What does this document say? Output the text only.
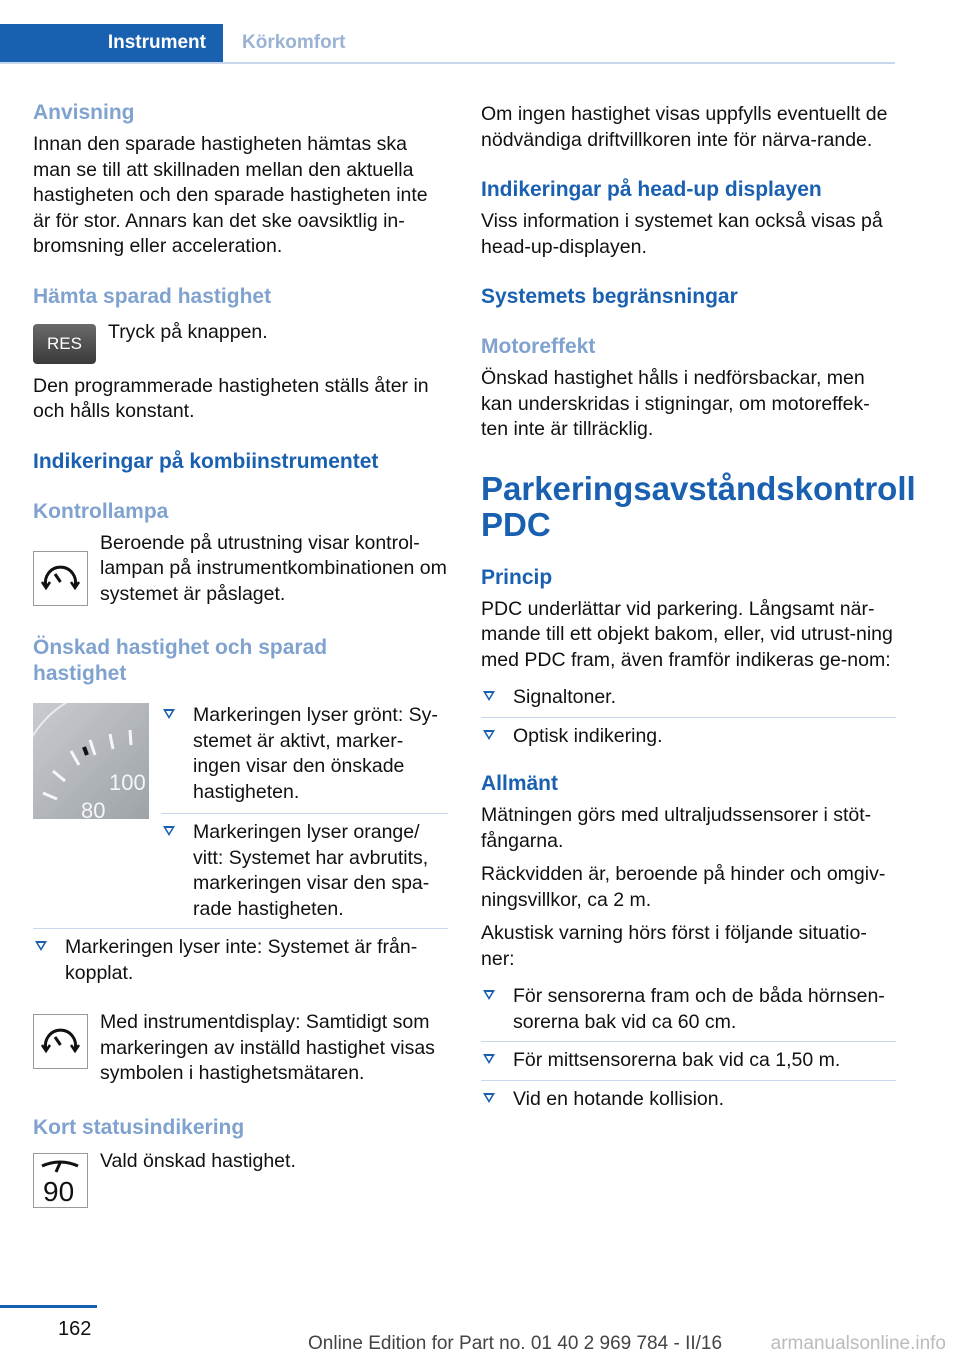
Instrument	Körkomfort
Anvisning

Innan den sparade hastigheten hämtas ska man se till att skillnaden mellan den aktuella hastigheten och den sparade hastigheten inte är för stor. Annars kan det ske oavsiktlig in-bromsning eller acceleration.

Hämta sparad hastighet
RES

Tryck på knappen.

Den programmerade hastigheten ställs åter in och hålls konstant.

Indikeringar på kombiinstrumentet
Kontrollampa

Beroende på utrustning visar kontrol-lampan på instrumentkombinationen om systemet är påslaget.

Önskad hastighet och sparad hastighet
100
80
Markeringen lyser grönt: Sy-stemet är aktivt, marker-ingen visar den önskade hastigheten.
Markeringen lyser orange/ vitt: Systemet har avbrutits, markeringen visar den spa-rade hastigheten.
Markeringen lyser inte: Systemet är från-kopplat.

Med instrumentdisplay: Samtidigt som markeringen av inställd hastighet visas symbolen i hastighetsmätaren.

Kort statusindikering
90

Vald önskad hastighet.

Om ingen hastighet visas uppfylls eventuellt de nödvändiga driftvillkoren inte för närva-rande.

Indikeringar på head-up displayen

Viss information i systemet kan också visas på head-up-displayen.

Systemets begränsningar
Motoreffekt

Önskad hastighet hålls i nedförsbackar, men kan underskridas i stigningar, om motoreffek-ten inte är tillräcklig.

Parkeringsavståndskontroll PDC
Princip

PDC underlättar vid parkering. Långsamt när-mande till ett objekt bakom, eller, vid utrust-ning med PDC fram, även framför indikeras ge-nom:

Signaltoner.
Optisk indikering.
Allmänt

Mätningen görs med ultraljudssensorer i stöt-fångarna.

Räckvidden är, beroende på hinder och omgiv-ningsvillkor, ca 2 m.

Akustisk varning hörs först i följande situatio-ner:

För sensorerna fram och de båda hörnsen-sorerna bak vid ca 60 cm.
För mittsensorerna bak vid ca 1,50 m.
Vid en hotande kollision.
162
Online Edition for Part no. 01 40 2 969 784 - II/16	armanualsonline.info
